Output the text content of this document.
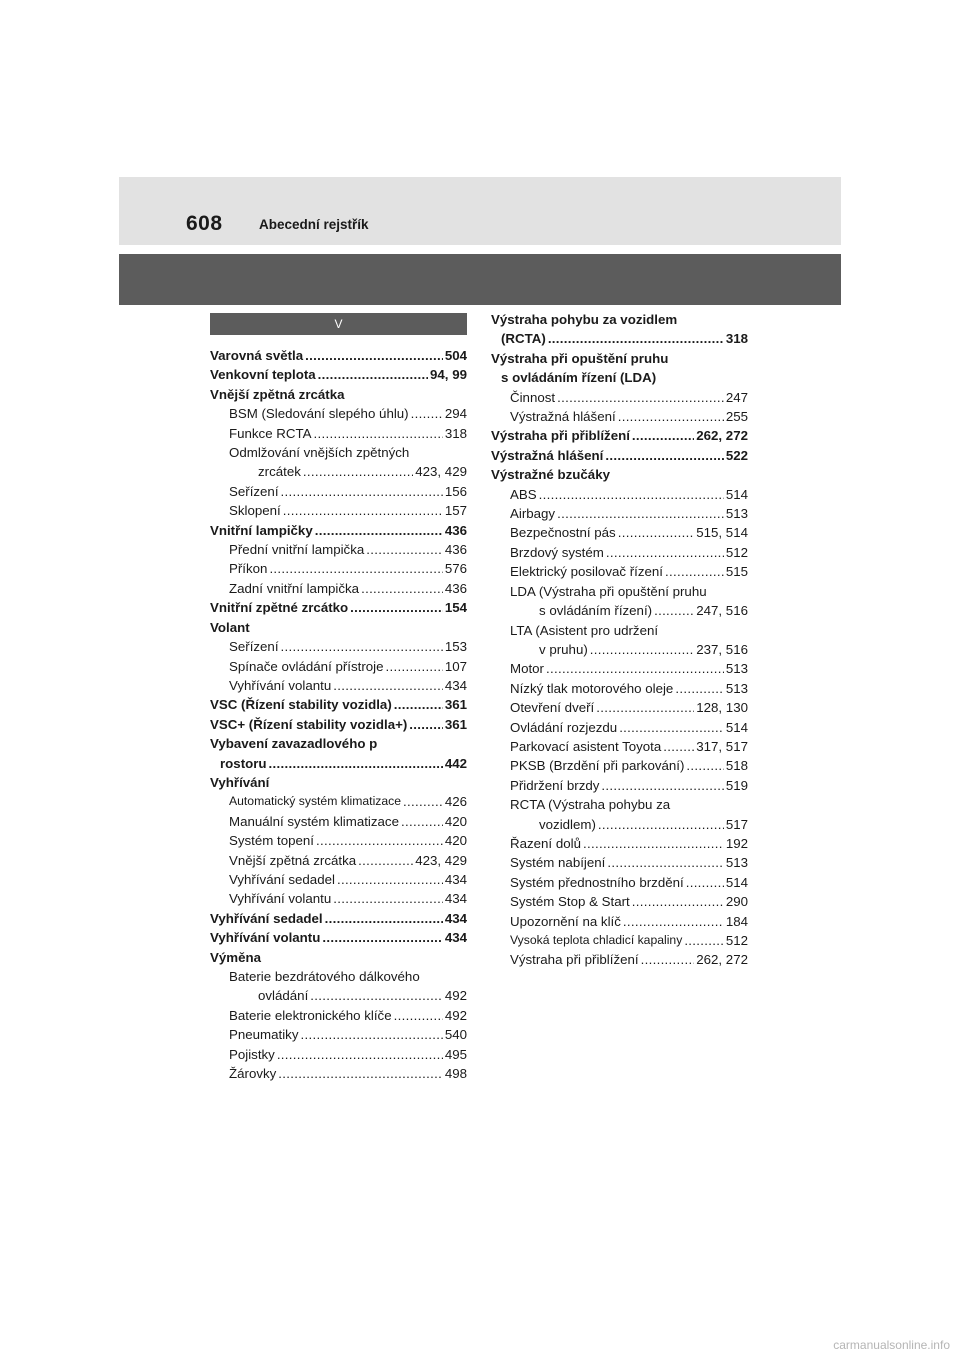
608	Abecední rejstřík
V
Varovná světla .....	504
Venkovní teplota .....	94, 99
Vnější zpětná zrcátka
BSM (Sledování slepého úhlu) .....	294
Funkce RCTA .....	318
Odmlžování vnějších zpětných
zrcátek .....	423, 429
Seřízení .....	156
Sklopení .....	157
Vnitřní lampičky .....	436
Přední vnitřní lampička .....	436
Příkon .....	576
Zadní vnitřní lampička .....	436
Vnitřní zpětné zrcátko .....	154
Volant
Seřízení .....	153
Spínače ovládání přístroje .....	107
Vyhřívání volantu .....	434
VSC (Řízení stability vozidla) .....	361
VSC+ (Řízení stability vozidla+) .....	361
Vybavení zavazadlového p
rostoru .....	442
Vyhřívání
Automatický systém klimatizace .....	426
Manuální systém klimatizace .....	420
Systém topení .....	420
Vnější zpětná zrcátka .....	423, 429
Vyhřívání sedadel .....	434
Vyhřívání volantu .....	434
Vyhřívání sedadel .....	434
Vyhřívání volantu .....	434
Výměna
Baterie bezdrátového dálkového
ovládání .....	492
Baterie elektronického klíče .....	492
Pneumatiky .....	540
Pojistky .....	495
Žárovky .....	498
Výstraha pohybu za vozidlem
(RCTA) .....	318
Výstraha při opuštění pruhu
s ovládáním řízení (LDA)
Činnost .....	247
Výstražná hlášení .....	255
Výstraha při přiblížení .....	262, 272
Výstražná hlášení .....	522
Výstražné bzučáky
ABS .....	514
Airbagy .....	513
Bezpečnostní pás .....	515, 514
Brzdový systém .....	512
Elektrický posilovač řízení .....	515
LDA (Výstraha při opuštění pruhu
s ovládáním řízení) .....	247, 516
LTA (Asistent pro udržení
v pruhu) .....	237, 516
Motor .....	513
Nízký tlak motorového oleje .....	513
Otevření dveří .....	128, 130
Ovládání rozjezdu .....	514
Parkovací asistent Toyota .....	317, 517
PKSB (Brzdění při parkování) .....	518
Přidržení brzdy .....	519
RCTA (Výstraha pohybu za
vozidlem) .....	517
Řazení dolů .....	192
Systém nabíjení .....	513
Systém přednostního brzdění .....	514
Systém Stop & Start .....	290
Upozornění na klíč .....	184
Vysoká teplota chladicí kapaliny .....	512
Výstraha při přiblížení .....	262, 272
carmanualsonline.info
